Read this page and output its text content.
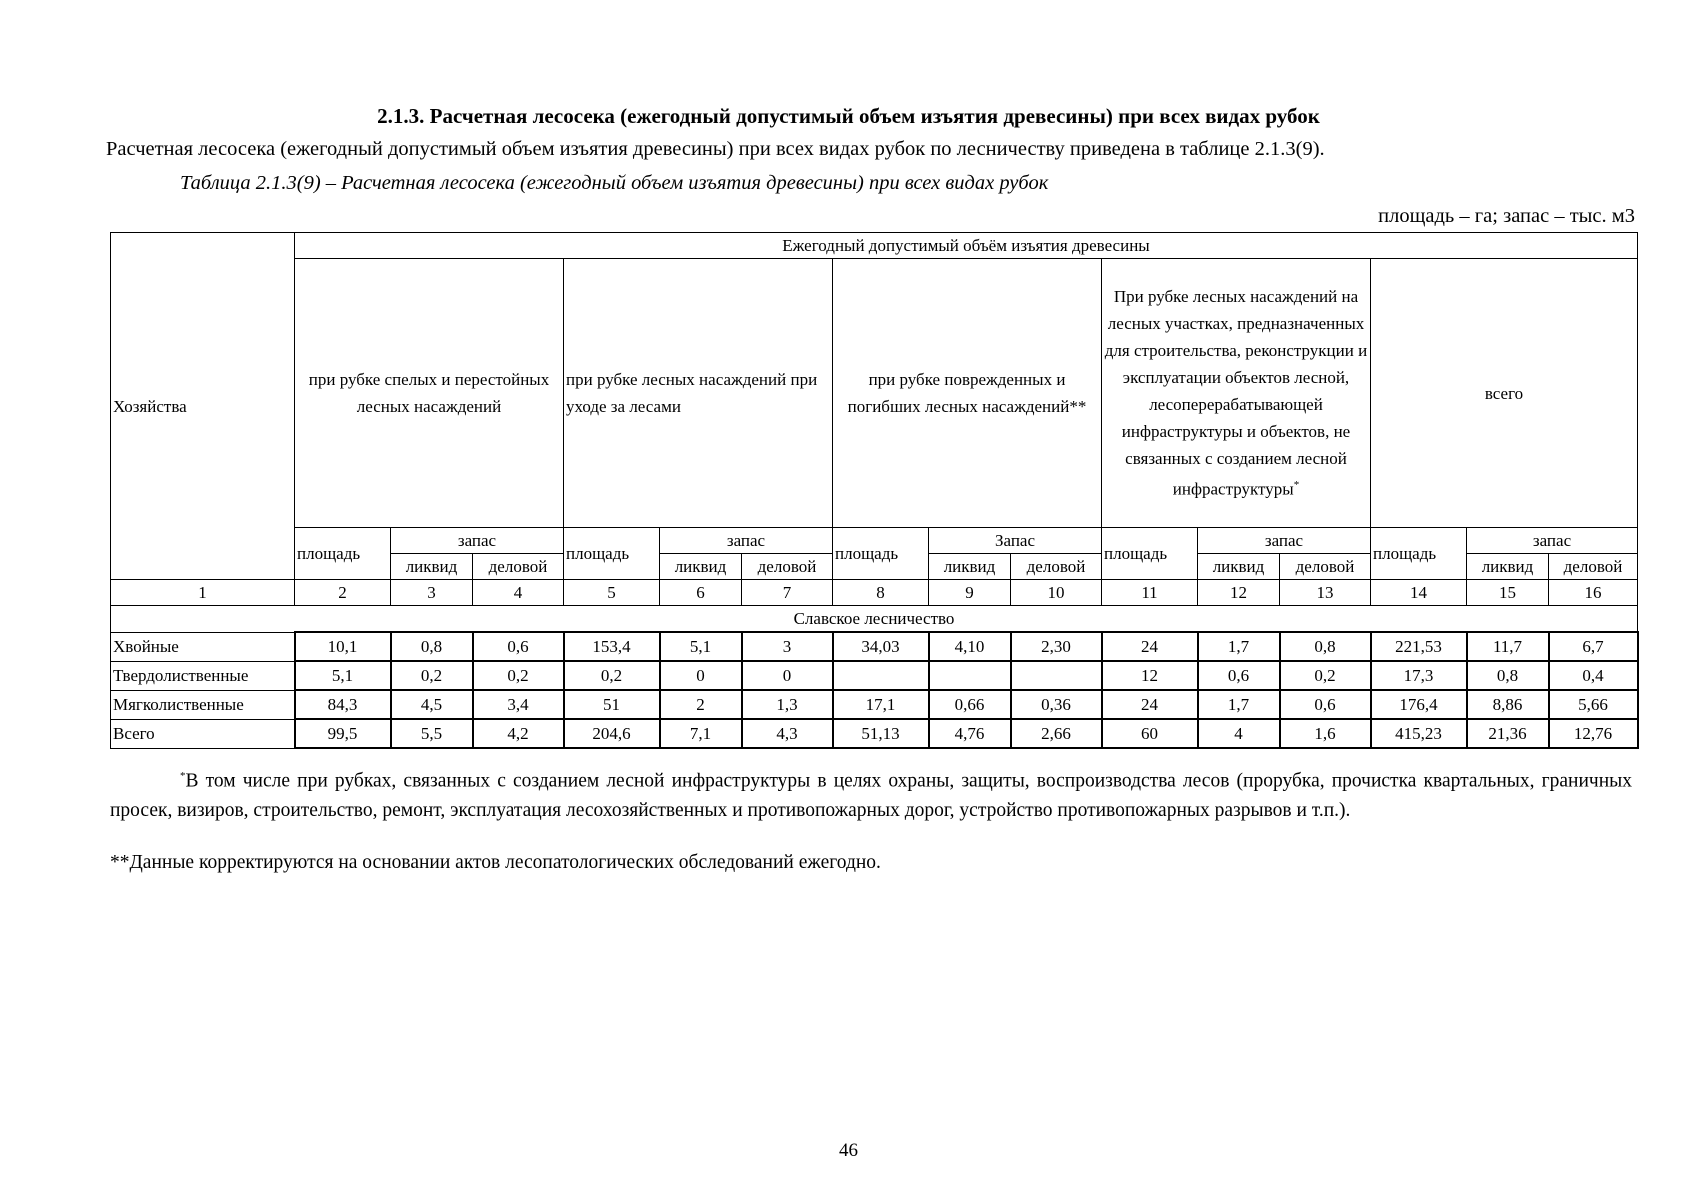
2.1.3. Расчетная лесосека (ежегодный допустимый объем изъятия древесины) при всех видах рубок
Расчетная лесосека (ежегодный допустимый объем изъятия древесины) при всех видах рубок по лесничеству приведена в таблице 2.1.3(9).
Таблица 2.1.3(9) – Расчетная лесосека (ежегодный объем изъятия древесины) при всех видах рубок
площадь – га; запас – тыс. м3
Хозяйства	Ежегодный допустимый объём изъятия древесины														
	при рубке спелых и перестойных лесных насаждений			при рубке лесных насаждений при уходе за лесами			при рубке поврежденных и погибших лесных насаждений**			При рубке лесных насаждений на лесных участках, предназначенных для строительства, реконструкции и эксплуатации объектов лесной, лесоперерабатывающей инфраструктуры и объектов, не связанных с созданием лесной инфраструктуры*			всего		
	площадь	запас		площадь	запас		площадь	Запас		площадь	запас		площадь	запас	
		ликвид	деловой		ликвид	деловой		ликвид	деловой		ликвид	деловой		ликвид	деловой
1	2	3	4	5	6	7	8	9	10	11	12	13	14	15	16
Славское лесничество															
Хвойные	10,1	0,8	0,6	153,4	5,1	3	34,03	4,10	2,30	24	1,7	0,8	221,53	11,7	6,7
Твердолиственные	5,1	0,2	0,2	0,2	0	0				12	0,6	0,2	17,3	0,8	0,4
Мягколиственные	84,3	4,5	3,4	51	2	1,3	17,1	0,66	0,36	24	1,7	0,6	176,4	8,86	5,66
Всего	99,5	5,5	4,2	204,6	7,1	4,3	51,13	4,76	2,66	60	4	1,6	415,23	21,36	12,76
*В том числе при рубках, связанных с созданием лесной инфраструктуры в целях охраны, защиты, воспроизводства лесов (прорубка, прочистка квартальных, граничных просек, визиров, строительство, ремонт, эксплуатация лесохозяйственных и противопожарных дорог, устройство противопожарных разрывов и т.п.).
**Данные корректируются на основании актов лесопатологических обследований ежегодно.
46
